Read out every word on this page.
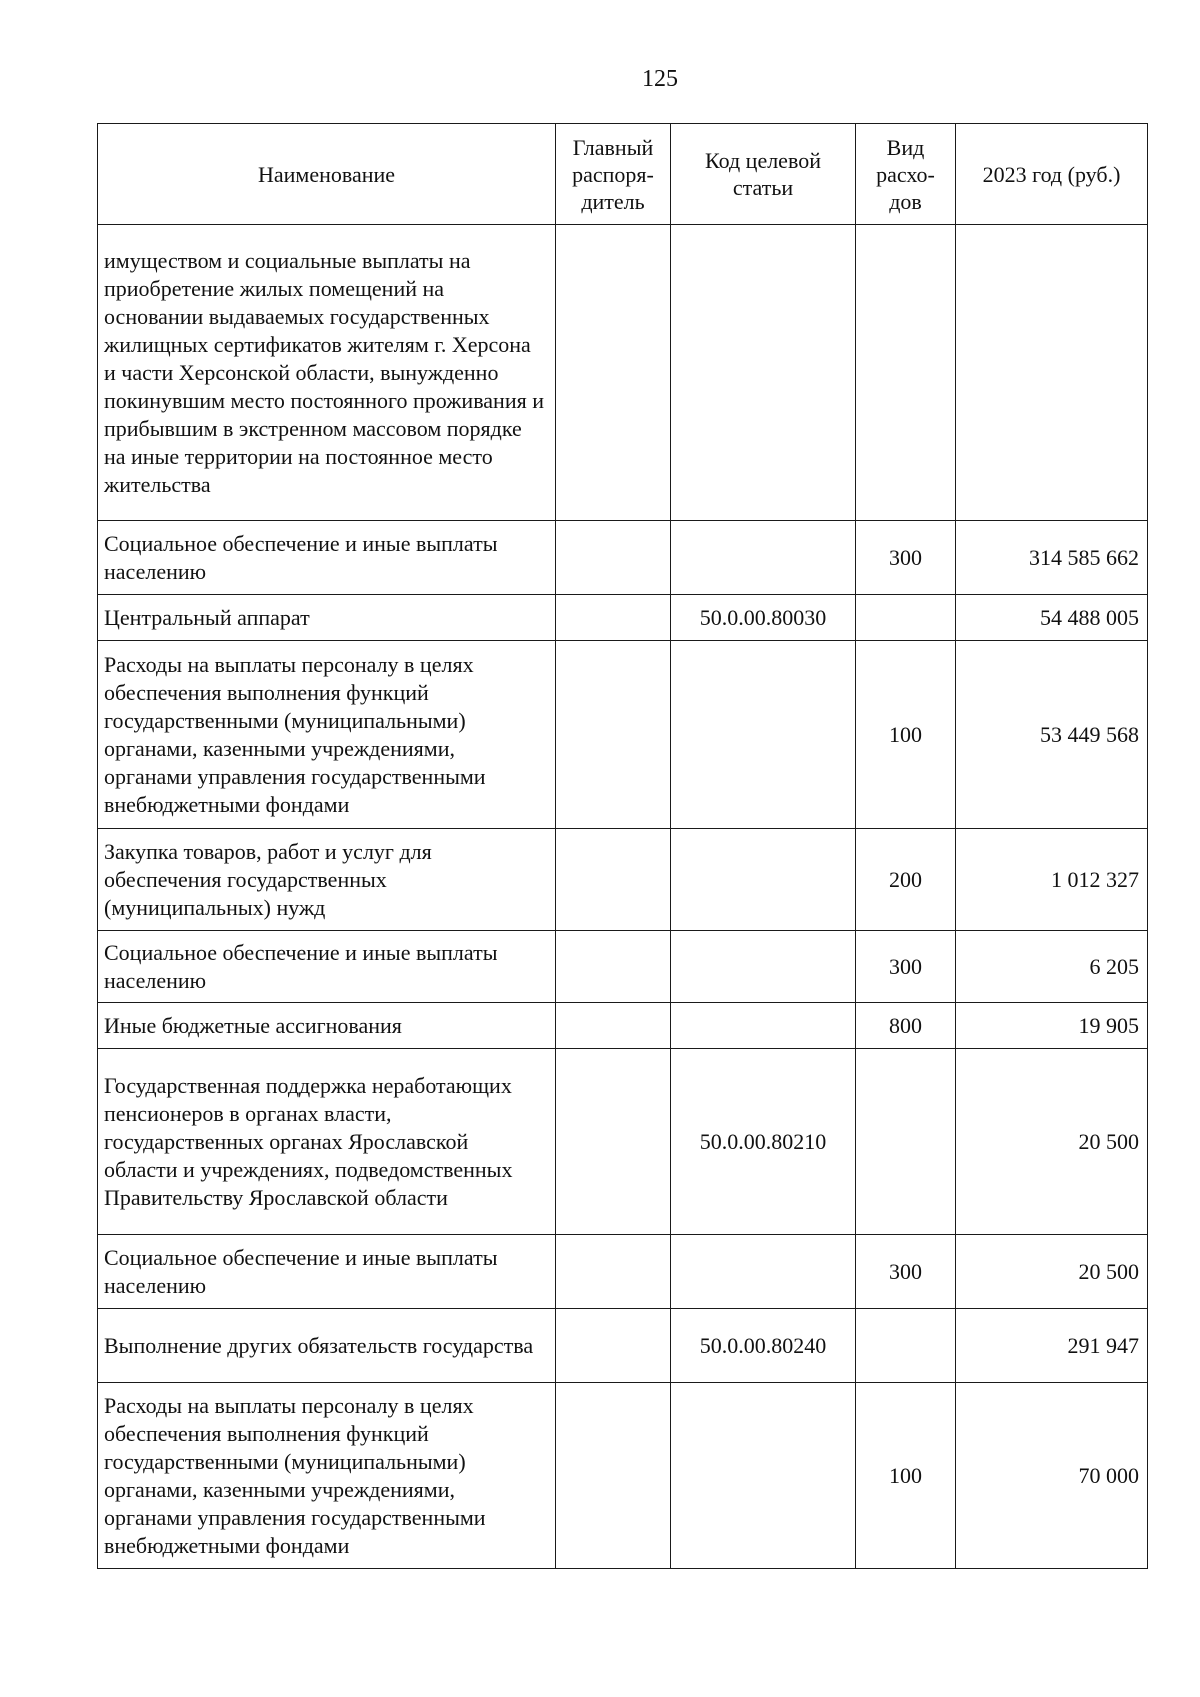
125
Наименование	Главный распоря-дитель	Код целевой статьи	Вид расхо-дов	2023 год (руб.)
имуществом и социальные выплаты на приобретение жилых помещений на основании выдаваемых государственных жилищных сертификатов жителям г. Херсона и части Херсонской области, вынужденно покинувшим место постоянного проживания и прибывшим в экстренном массовом порядке на иные территории на постоянное место жительства				
Социальное обеспечение и иные выплаты населению			300	314 585 662
Центральный аппарат		50.0.00.80030		54 488 005
Расходы на выплаты персоналу в целях обеспечения выполнения функций государственными (муниципальными) органами, казенными учреждениями, органами управления государственными внебюджетными фондами			100	53 449 568
Закупка товаров, работ и услуг для обеспечения государственных (муниципальных) нужд			200	1 012 327
Социальное обеспечение и иные выплаты населению			300	6 205
Иные бюджетные ассигнования			800	19 905
Государственная поддержка неработающих пенсионеров в органах власти, государственных органах Ярославской области и учреждениях, подведомственных Правительству Ярославской области		50.0.00.80210		20 500
Социальное обеспечение и иные выплаты населению			300	20 500
Выполнение других обязательств государства		50.0.00.80240		291 947
Расходы на выплаты персоналу в целях обеспечения выполнения функций государственными (муниципальными) органами, казенными учреждениями, органами управления государственными внебюджетными фондами			100	70 000
